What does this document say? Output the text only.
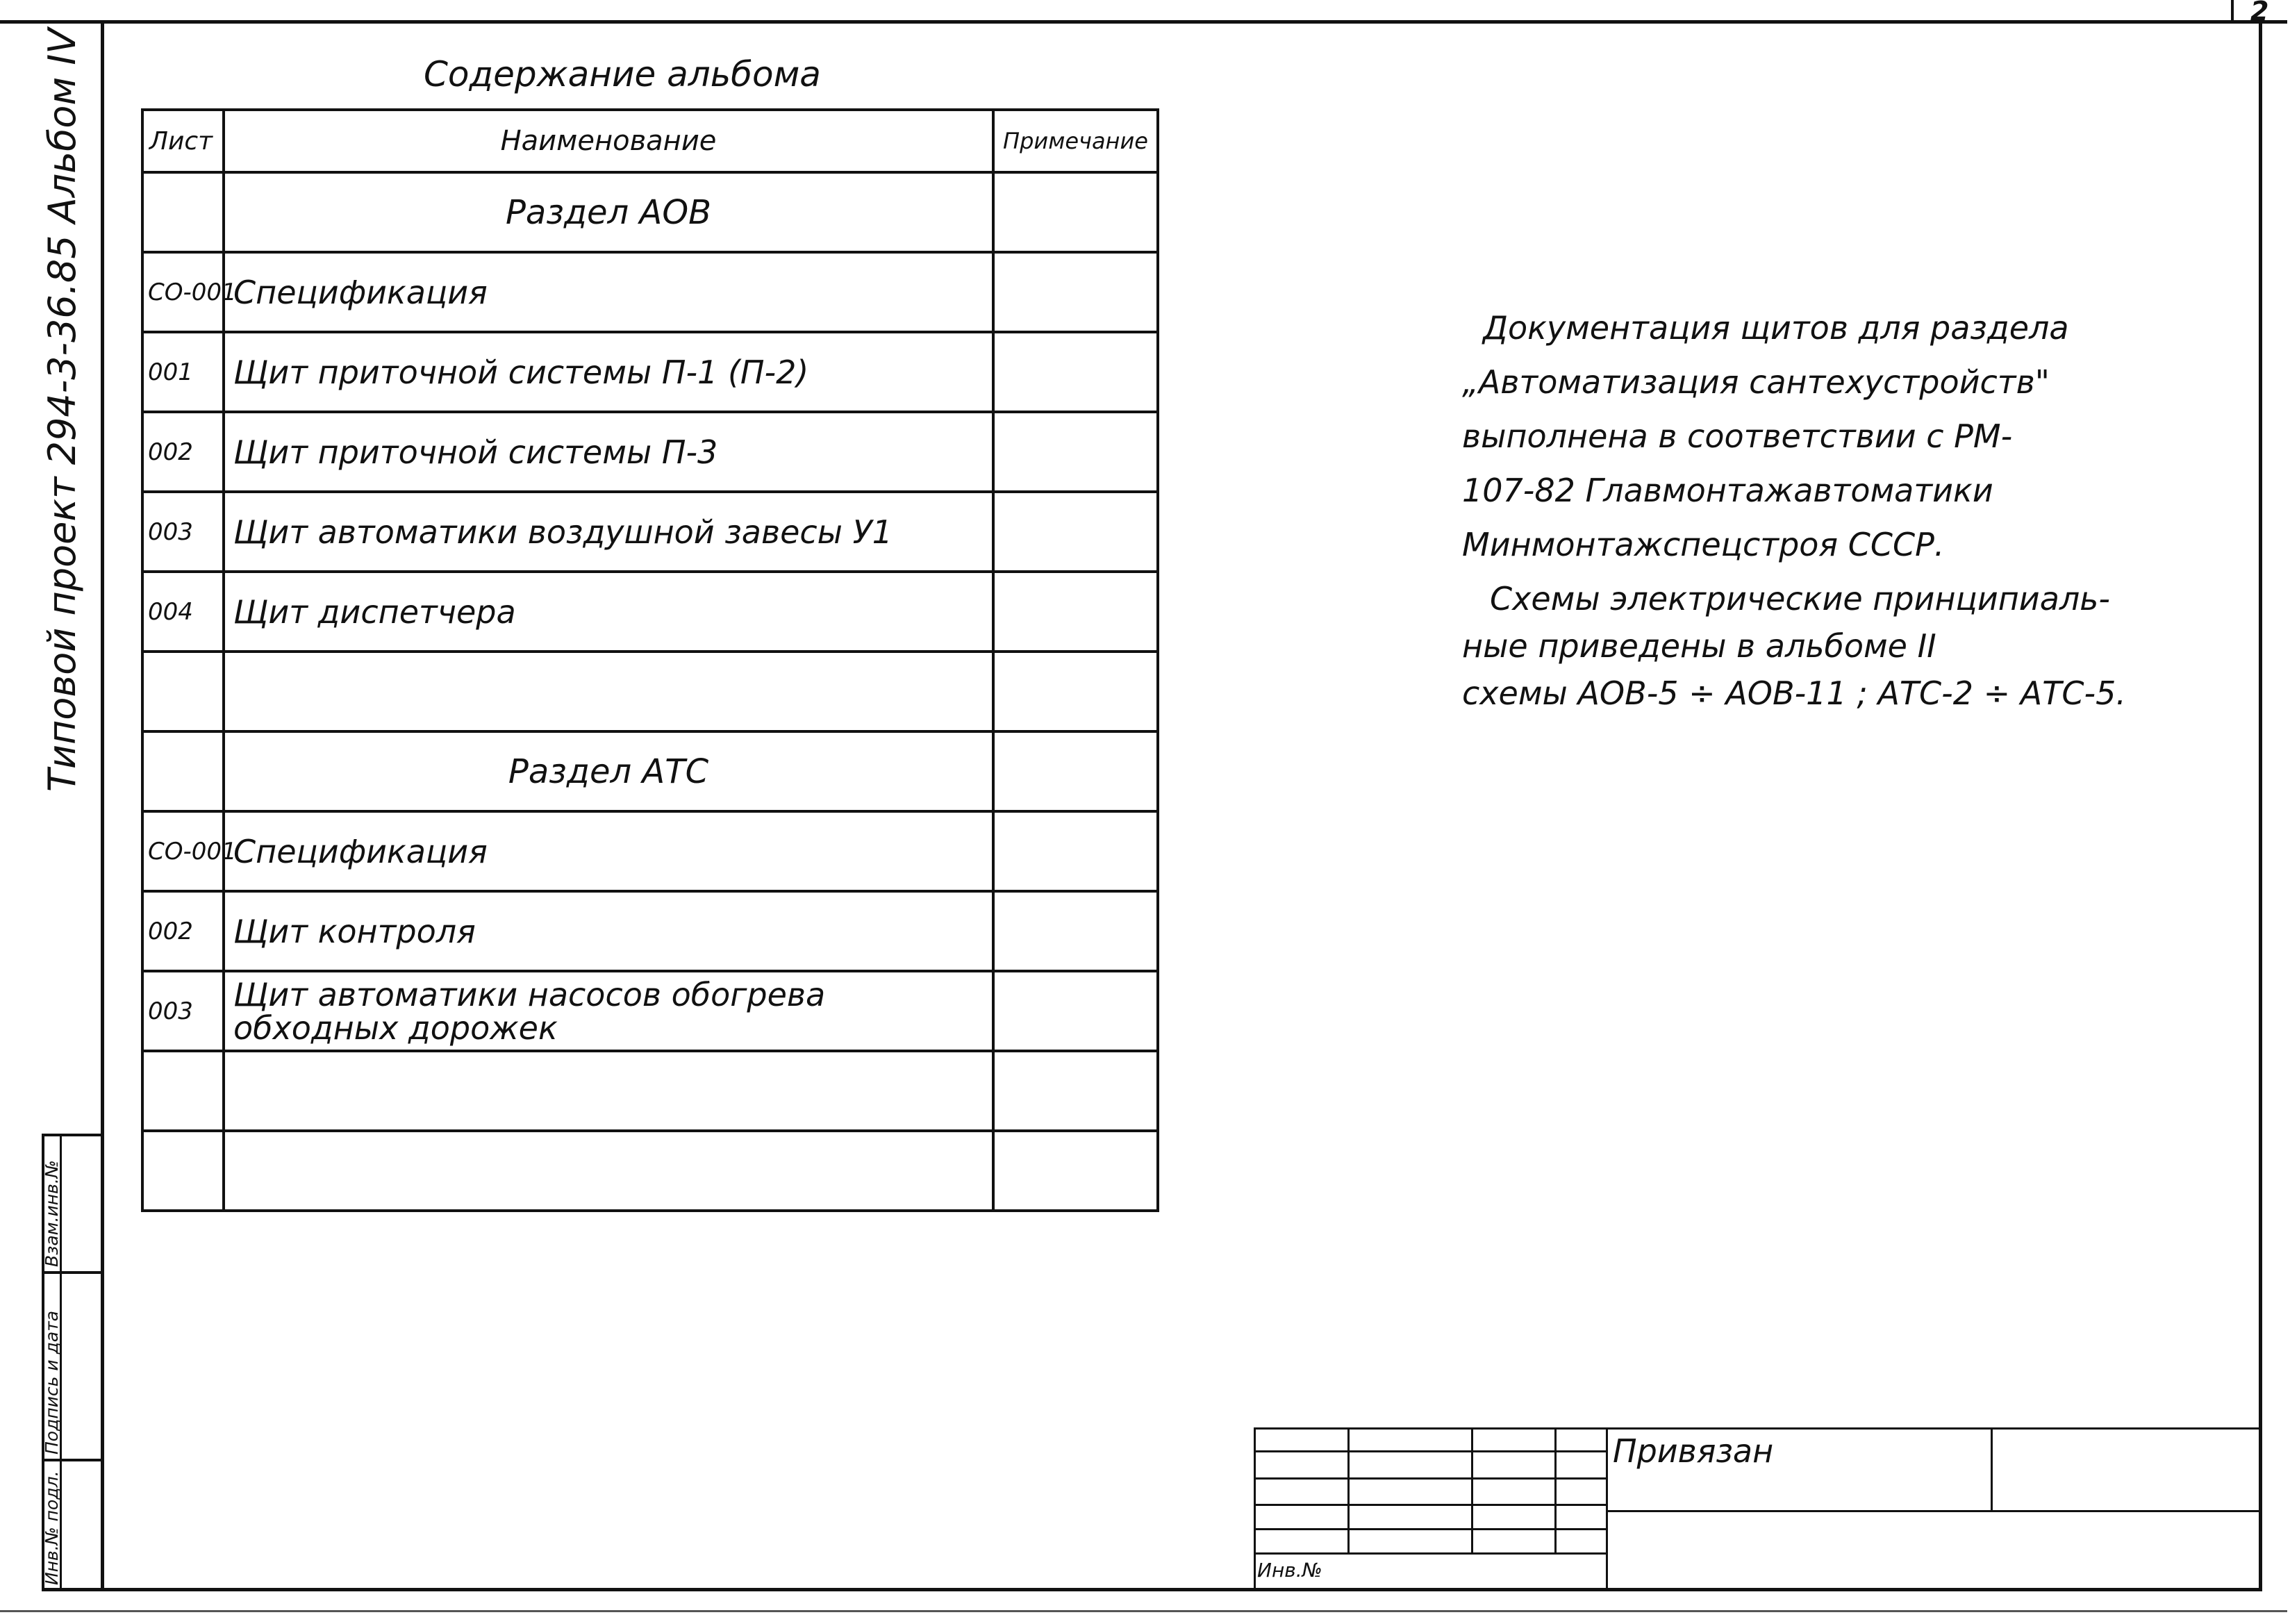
2
Типовой проект 294-3-36.85 Альбом IV
Инв.№ подл.
Подпись и дата
Взам.инв.№
Содержание альбома
Лист	Наименование	Примечание
	Раздел АОВ	
СО-001	Спецификация	
001	Щит приточной системы П-1 (П-2)	
002	Щит приточной системы П-3	
003	Щит автоматики воздушной завесы У1	
004	Щит диспетчера	

	Раздел АТС	
СО-001	Спецификация	
002	Щит контроля	
003	Щит автоматики насосов обогрева обходных дорожек	

Документация щитов для раздела
„Автоматизация сантехустройств"
выполнена в соответствии с РМ-
107-82 Главмонтажавтоматики
Минмонтажспецстроя СССР.
Схемы электрические принципиаль-
ные приведены в альбоме II
схемы АОВ-5 ÷ АОВ-11 ; АТС-2 ÷ АТС-5.
Инв.№
Привязан
